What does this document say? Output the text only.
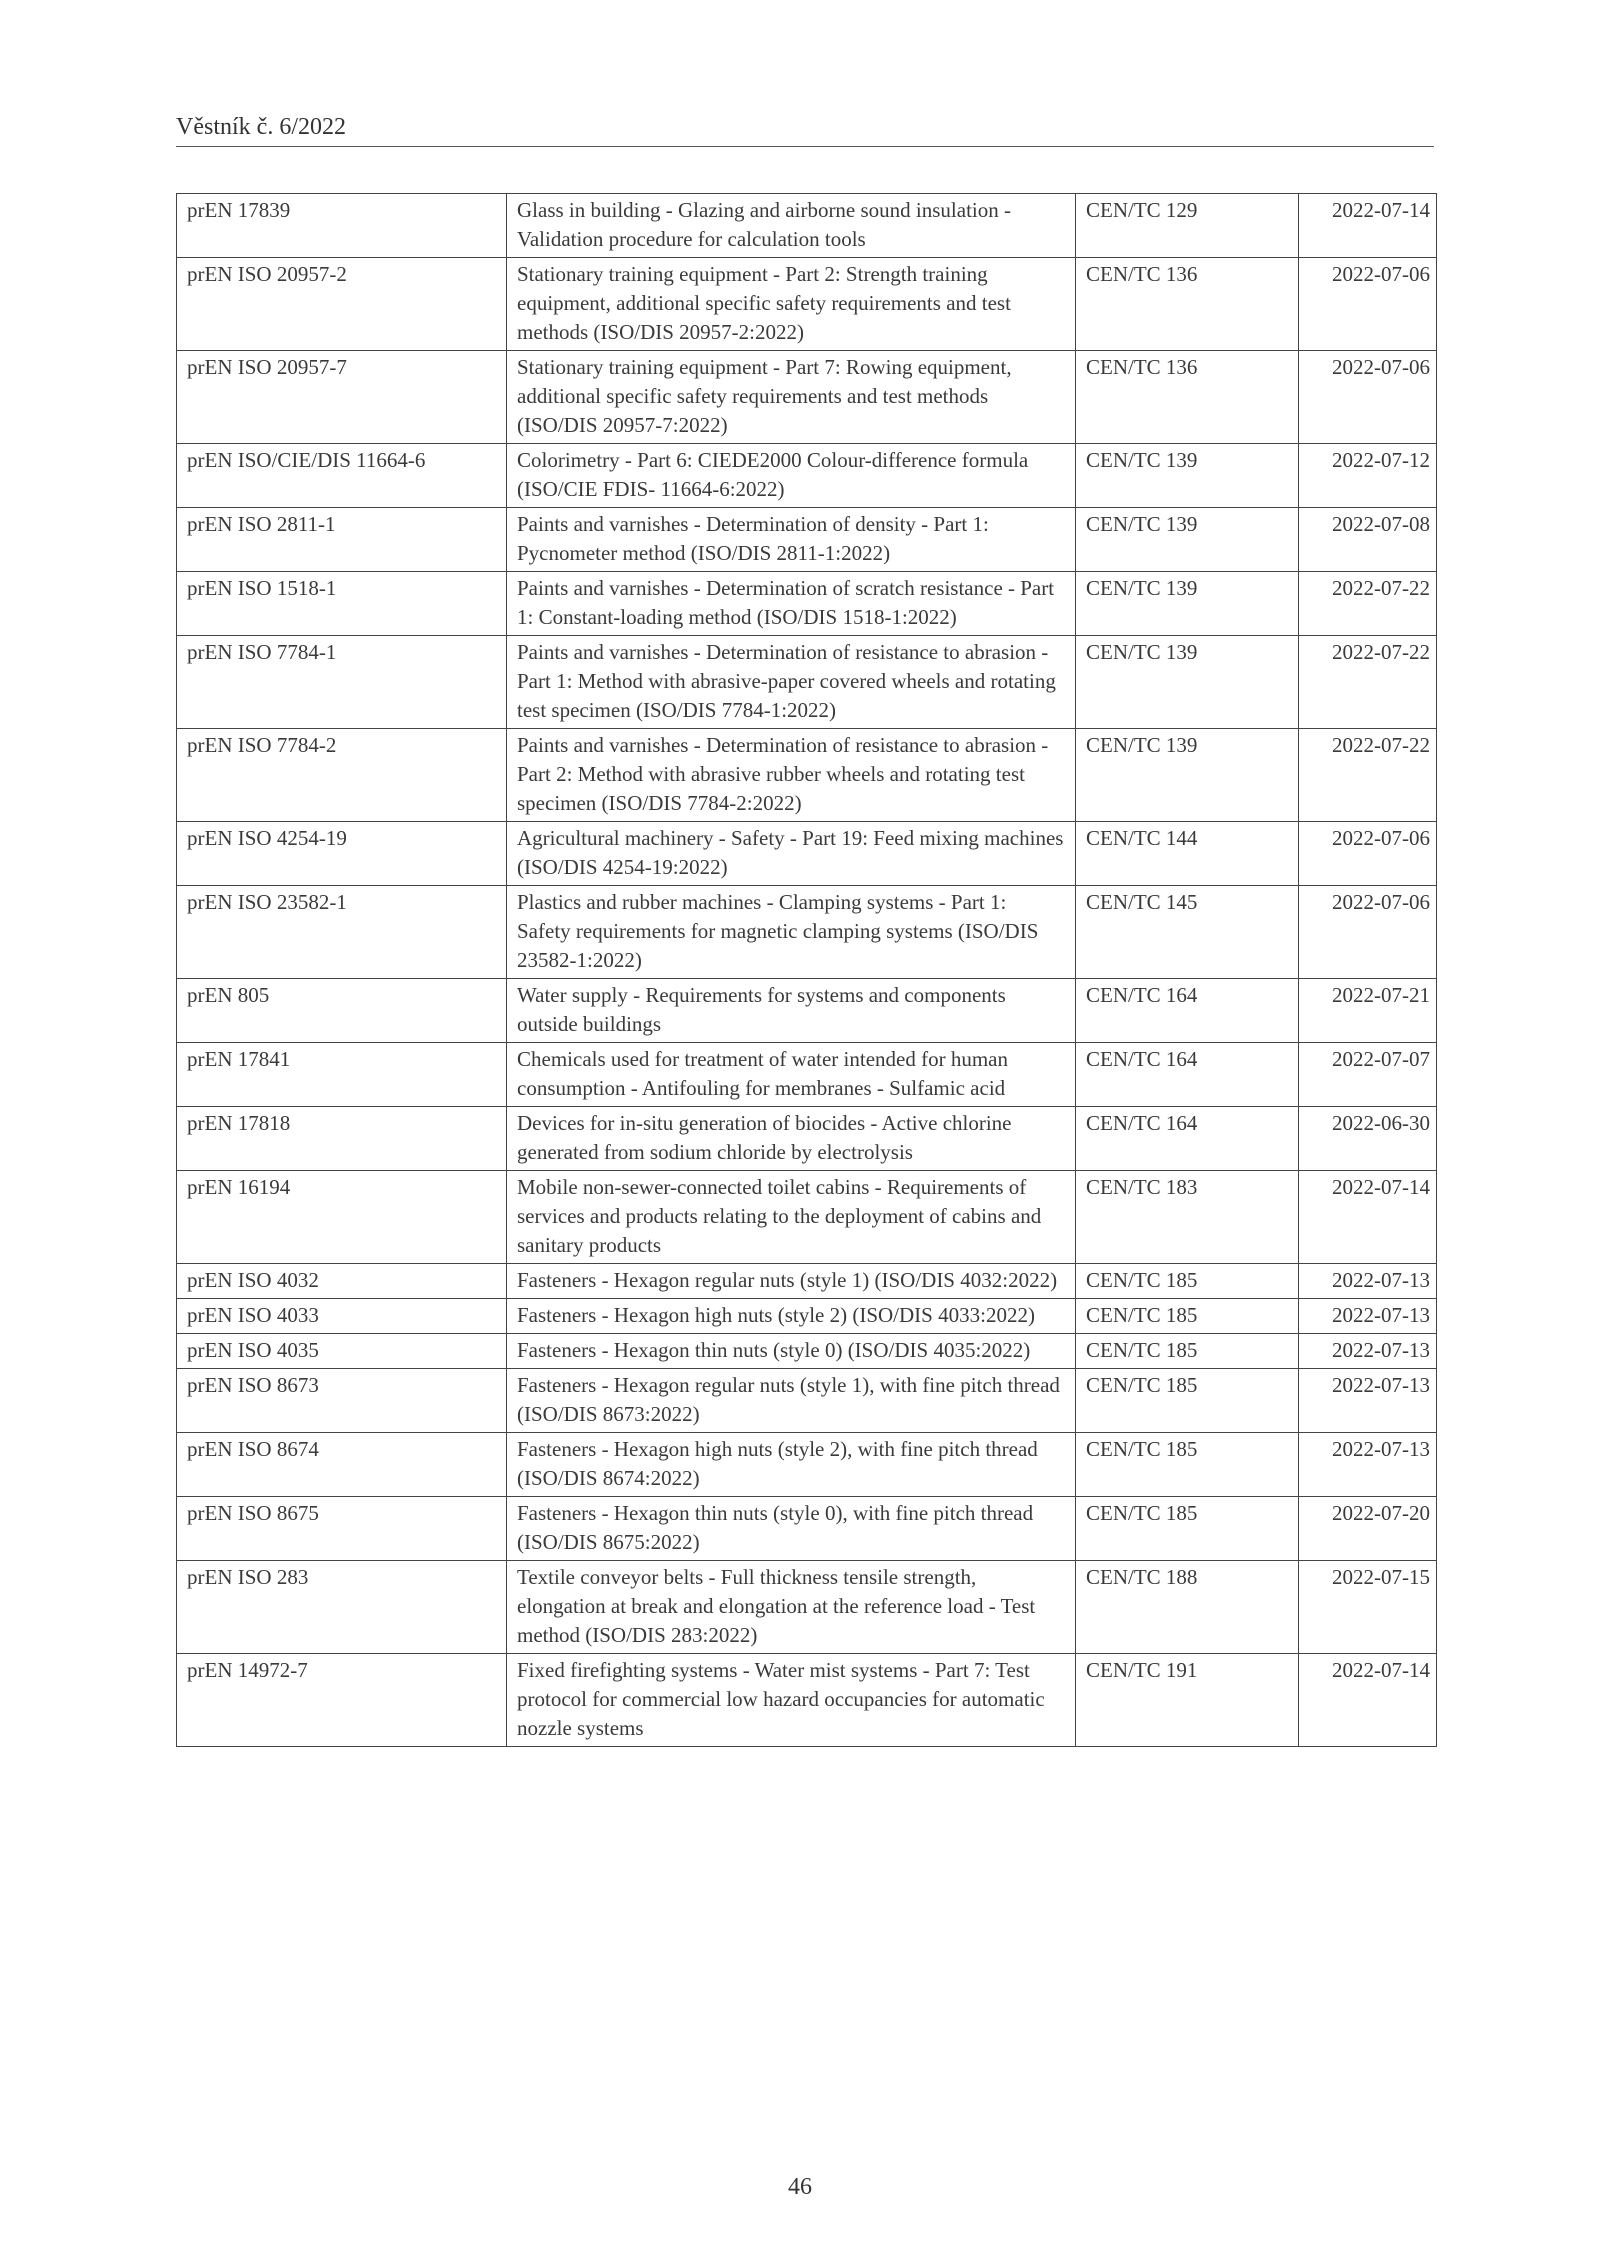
Věstník č. 6/2022
prEN 17839	Glass in building - Glazing and airborne sound insulation - Validation procedure for calculation tools	CEN/TC 129	2022-07-14
prEN ISO 20957-2	Stationary training equipment - Part 2: Strength training equipment, additional specific safety requirements and test methods (ISO/DIS 20957-2:2022)	CEN/TC 136	2022-07-06
prEN ISO 20957-7	Stationary training equipment - Part 7: Rowing equipment, additional specific safety requirements and test methods (ISO/DIS 20957-7:2022)	CEN/TC 136	2022-07-06
prEN ISO/CIE/DIS 11664-6	Colorimetry - Part 6: CIEDE2000 Colour-difference formula (ISO/CIE FDIS- 11664-6:2022)	CEN/TC 139	2022-07-12
prEN ISO 2811-1	Paints and varnishes - Determination of density - Part 1: Pycnometer method (ISO/DIS 2811-1:2022)	CEN/TC 139	2022-07-08
prEN ISO 1518-1	Paints and varnishes - Determination of scratch resistance - Part 1: Constant-loading method (ISO/DIS 1518-1:2022)	CEN/TC 139	2022-07-22
prEN ISO 7784-1	Paints and varnishes - Determination of resistance to abrasion - Part 1: Method with abrasive-paper covered wheels and rotating test specimen (ISO/DIS 7784-1:2022)	CEN/TC 139	2022-07-22
prEN ISO 7784-2	Paints and varnishes - Determination of resistance to abrasion - Part 2: Method with abrasive rubber wheels and rotating test specimen (ISO/DIS 7784-2:2022)	CEN/TC 139	2022-07-22
prEN ISO 4254-19	Agricultural machinery - Safety - Part 19: Feed mixing machines (ISO/DIS 4254-19:2022)	CEN/TC 144	2022-07-06
prEN ISO 23582-1	Plastics and rubber machines - Clamping systems - Part 1: Safety requirements for magnetic clamping systems (ISO/DIS 23582-1:2022)	CEN/TC 145	2022-07-06
prEN 805	Water supply - Requirements for systems and components outside buildings	CEN/TC 164	2022-07-21
prEN 17841	Chemicals used for treatment of water intended for human consumption - Antifouling for membranes - Sulfamic acid	CEN/TC 164	2022-07-07
prEN 17818	Devices for in-situ generation of biocides - Active chlorine generated from sodium chloride by electrolysis	CEN/TC 164	2022-06-30
prEN 16194	Mobile non-sewer-connected toilet cabins - Requirements of services and products relating to the deployment of cabins and sanitary products	CEN/TC 183	2022-07-14
prEN ISO 4032	Fasteners - Hexagon regular nuts (style 1) (ISO/DIS 4032:2022)	CEN/TC 185	2022-07-13
prEN ISO 4033	Fasteners - Hexagon high nuts (style 2) (ISO/DIS 4033:2022)	CEN/TC 185	2022-07-13
prEN ISO 4035	Fasteners - Hexagon thin nuts (style 0) (ISO/DIS 4035:2022)	CEN/TC 185	2022-07-13
prEN ISO 8673	Fasteners - Hexagon regular nuts (style 1), with fine pitch thread (ISO/DIS 8673:2022)	CEN/TC 185	2022-07-13
prEN ISO 8674	Fasteners - Hexagon high nuts (style 2), with fine pitch thread (ISO/DIS 8674:2022)	CEN/TC 185	2022-07-13
prEN ISO 8675	Fasteners - Hexagon thin nuts (style 0), with fine pitch thread (ISO/DIS 8675:2022)	CEN/TC 185	2022-07-20
prEN ISO 283	Textile conveyor belts - Full thickness tensile strength, elongation at break and elongation at the reference load - Test method (ISO/DIS 283:2022)	CEN/TC 188	2022-07-15
prEN 14972-7	Fixed firefighting systems - Water mist systems - Part 7: Test protocol for commercial low hazard occupancies for automatic nozzle systems	CEN/TC 191	2022-07-14
46
